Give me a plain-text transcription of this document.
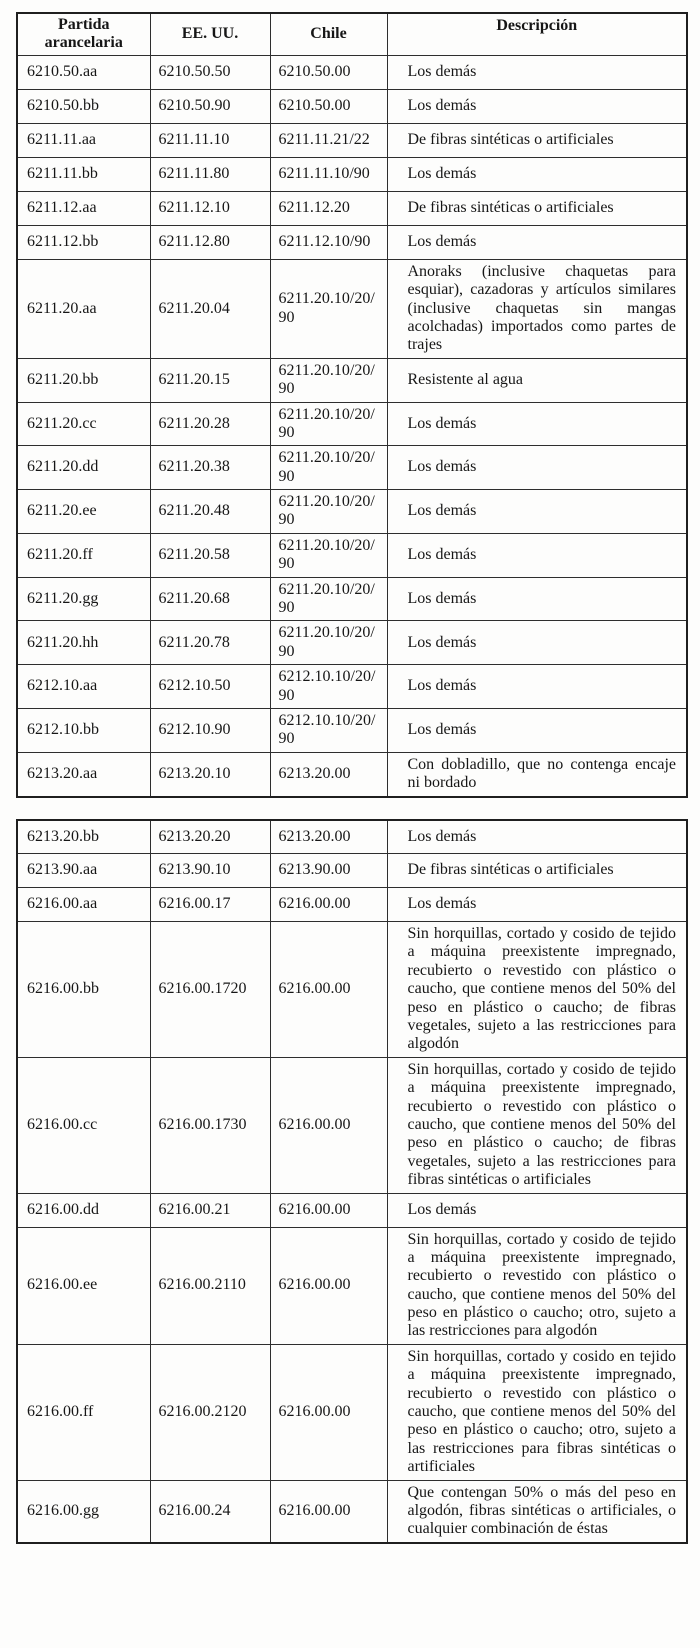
Partida arancelaria	EE. UU.	Chile	Descripción
6210.50.aa	6210.50.50	6210.50.00	Los demás
6210.50.bb	6210.50.90	6210.50.00	Los demás
6211.11.aa	6211.11.10	6211.11.21/22	De fibras sintéticas o artificiales
6211.11.bb	6211.11.80	6211.11.10/90	Los demás
6211.12.aa	6211.12.10	6211.12.20	De fibras sintéticas o artificiales
6211.12.bb	6211.12.80	6211.12.10/90	Los demás
6211.20.aa	6211.20.04	6211.20.10/20/90	Anoraks (inclusive chaquetas para esquiar), cazadoras y artículos similares (inclusive chaquetas sin mangas acolchadas) importados como partes de trajes
6211.20.bb	6211.20.15	6211.20.10/20/90	Resistente al agua
6211.20.cc	6211.20.28	6211.20.10/20/90	Los demás
6211.20.dd	6211.20.38	6211.20.10/20/90	Los demás
6211.20.ee	6211.20.48	6211.20.10/20/90	Los demás
6211.20.ff	6211.20.58	6211.20.10/20/90	Los demás
6211.20.gg	6211.20.68	6211.20.10/20/90	Los demás
6211.20.hh	6211.20.78	6211.20.10/20/90	Los demás
6212.10.aa	6212.10.50	6212.10.10/20/90	Los demás
6212.10.bb	6212.10.90	6212.10.10/20/90	Los demás
6213.20.aa	6213.20.10	6213.20.00	Con dobladillo, que no contenga encaje ni bordado
6213.20.bb	6213.20.20	6213.20.00	Los demás
6213.90.aa	6213.90.10	6213.90.00	De fibras sintéticas o artificiales
6216.00.aa	6216.00.17	6216.00.00	Los demás
6216.00.bb	6216.00.1720	6216.00.00	Sin horquillas, cortado y cosido de tejido a máquina preexistente impregnado, recubierto o revestido con plástico o caucho, que contiene menos del 50% del peso en plástico o caucho; de fibras vegetales, sujeto a las restricciones para algodón
6216.00.cc	6216.00.1730	6216.00.00	Sin horquillas, cortado y cosido de tejido a máquina preexistente impregnado, recubierto o revestido con plástico o caucho, que contiene menos del 50% del peso en plástico o caucho; de fibras vegetales, sujeto a las restricciones para fibras sintéticas o artificiales
6216.00.dd	6216.00.21	6216.00.00	Los demás
6216.00.ee	6216.00.2110	6216.00.00	Sin horquillas, cortado y cosido de tejido a máquina preexistente impregnado, recubierto o revestido con plástico o caucho, que contiene menos del 50% del peso en plástico o caucho; otro, sujeto a las restricciones para algodón
6216.00.ff	6216.00.2120	6216.00.00	Sin horquillas, cortado y cosido en tejido a máquina preexistente impregnado, recubierto o revestido con plástico o caucho, que contiene menos del 50% del peso en plástico o caucho; otro, sujeto a las restricciones para fibras sintéticas o artificiales
6216.00.gg	6216.00.24	6216.00.00	Que contengan 50% o más del peso en algodón, fibras sintéticas o artificiales, o cualquier combinación de éstas
